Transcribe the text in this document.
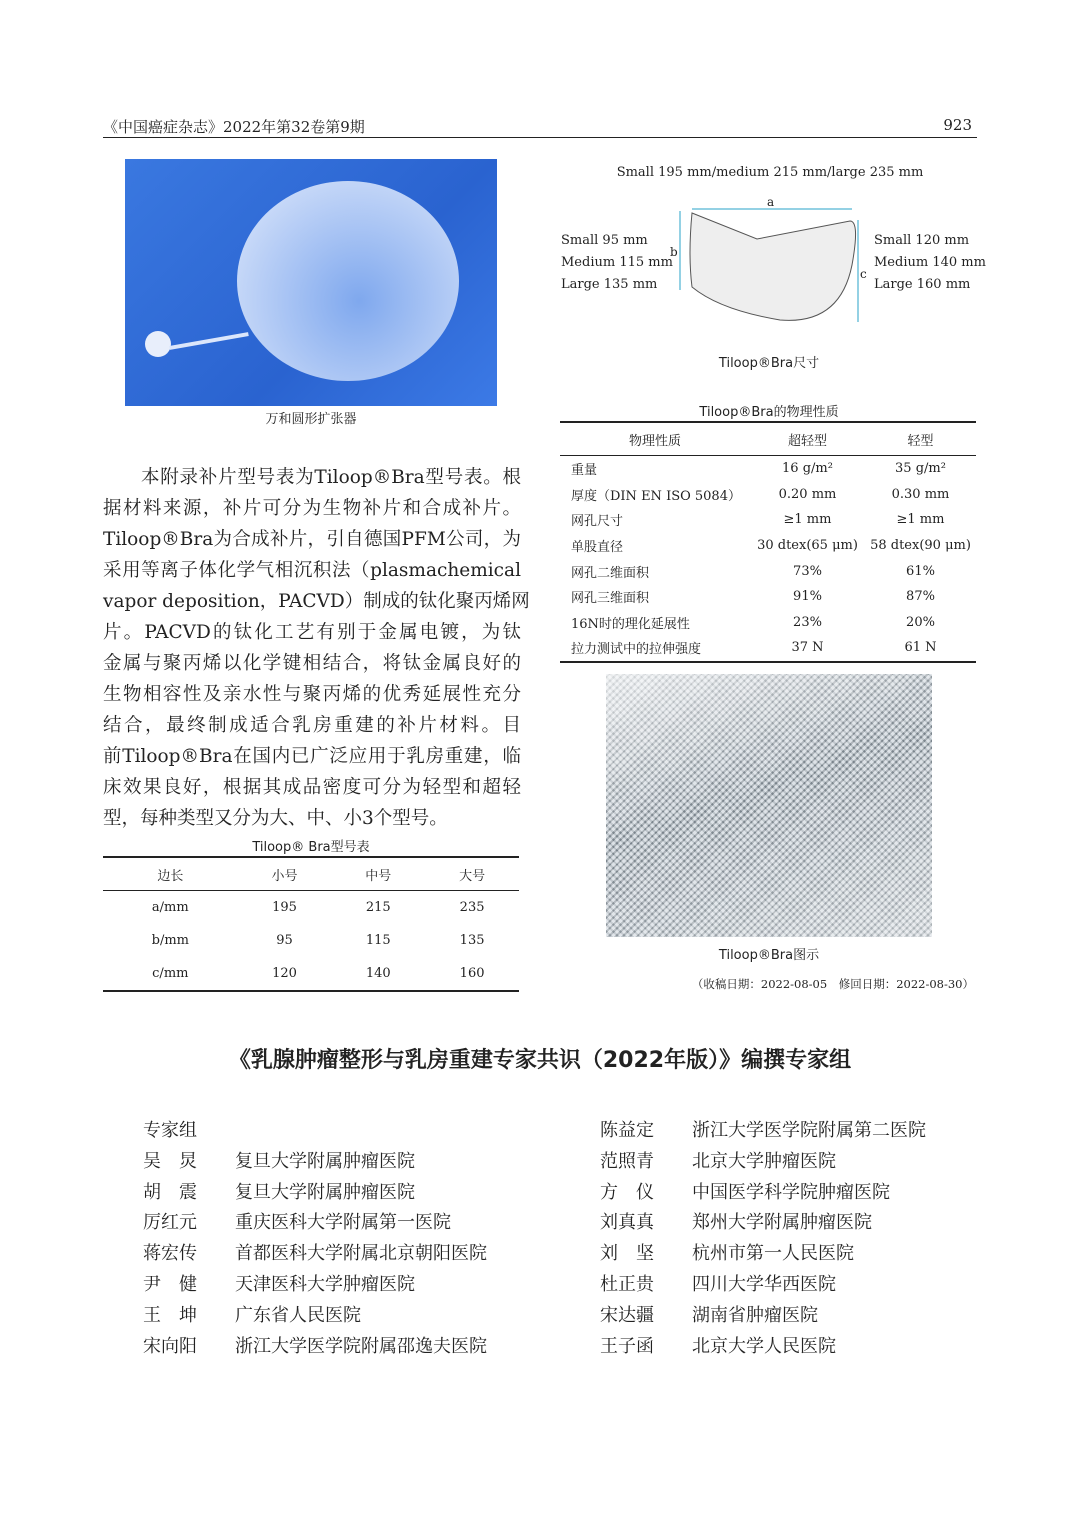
《中国癌症杂志》2022年第32卷第9期	923
万和圆形扩张器
Small 195 mm/medium 215 mm/large 235 mm
a
b
c
Small 95 mm
Medium 115 mm
Large 135 mm
Small 120 mm
Medium 140 mm
Large 160 mm
Tiloop®Bra尺寸
Tiloop®Bra的物理性质
物理性质	超轻型	轻型
重量	16 g/m²	35 g/m²
厚度（DIN EN ISO 5084）	0.20 mm	0.30 mm
网孔尺寸	≥1 mm	≥1 mm
单股直径	30 dtex(65 μm)	58 dtex(90 μm)
网孔二维面积	73%	61%
网孔三维面积	91%	87%
16N时的理化延展性	23%	20%
拉力测试中的拉伸强度	37 N	61 N
Tiloop®Bra图示
（收稿日期：2022-08-05　修回日期：2022-08-30）
本附录补片型号表为Tiloop®Bra型号表。根
据材料来源，补片可分为生物补片和合成补片。
Tiloop®Bra为合成补片，引自德国PFM公司，为
采用等离子体化学气相沉积法（plasmachemical
vapor deposition，PACVD）制成的钛化聚丙烯网
片。PACVD的钛化工艺有别于金属电镀，为钛
金属与聚丙烯以化学键相结合，将钛金属良好的
生物相容性及亲水性与聚丙烯的优秀延展性充分
结合，最终制成适合乳房重建的补片材料。目
前Tiloop®Bra在国内已广泛应用于乳房重建，临
床效果良好，根据其成品密度可分为轻型和超轻
型，每种类型又分为大、中、小3个型号。
Tiloop® Bra型号表
边长	小号	中号	大号
a/mm	195	215	235
b/mm	95	115	135
c/mm	120	140	160
《乳腺肿瘤整形与乳房重建专家共识（2022年版）》编撰专家组
专家组
吴　炅	复旦大学附属肿瘤医院
胡　震	复旦大学附属肿瘤医院
厉红元	重庆医科大学附属第一医院
蒋宏传	首都医科大学附属北京朝阳医院
尹　健	天津医科大学肿瘤医院
王　坤	广东省人民医院
宋向阳	浙江大学医学院附属邵逸夫医院
陈益定	浙江大学医学院附属第二医院
范照青	北京大学肿瘤医院
方　仪	中国医学科学院肿瘤医院
刘真真	郑州大学附属肿瘤医院
刘　坚	杭州市第一人民医院
杜正贵	四川大学华西医院
宋达疆	湖南省肿瘤医院
王子函	北京大学人民医院
